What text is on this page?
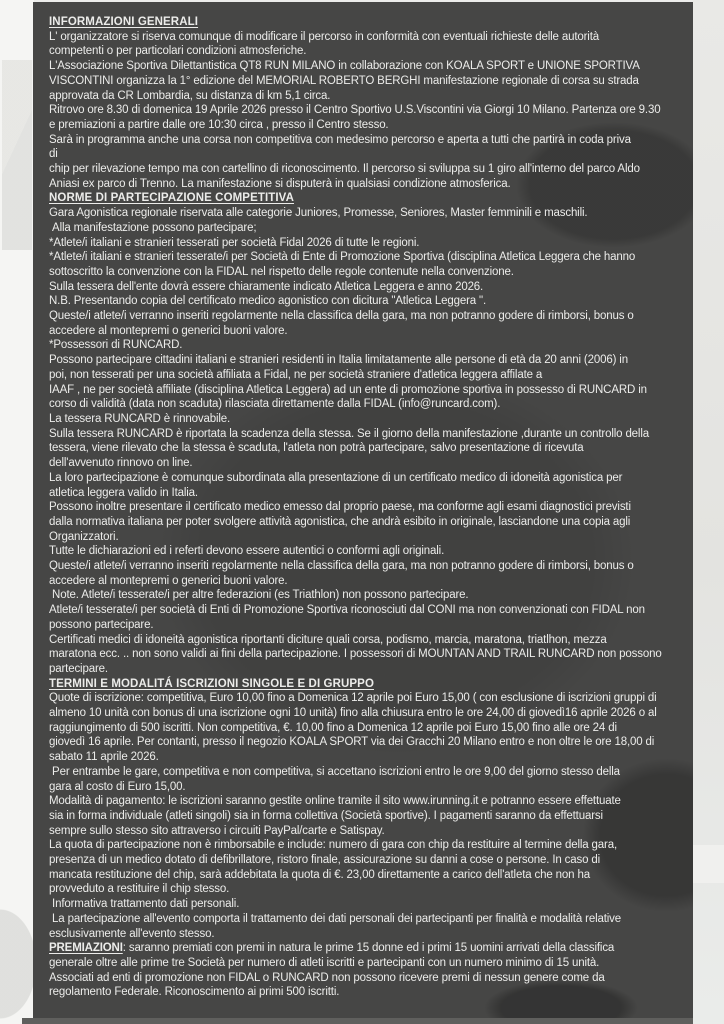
INFORMAZIONI GENERALI
L' organizzatore si riserva comunque di modificare il percorso in conformità con eventuali richieste delle autorità
competenti o per particolari condizioni atmosferiche.
L'Associazione Sportiva Dilettantistica QT8 RUN MILANO in collaborazione con KOALA SPORT e UNIONE SPORTIVA
VISCONTINI organizza la 1° edizione del MEMORIAL ROBERTO BERGHI manifestazione regionale di corsa su strada
approvata da CR Lombardia, su distanza di km 5,1 circa.
Ritrovo ore 8.30 di domenica 19 Aprile 2026 presso il Centro Sportivo U.S.Viscontini via Giorgi 10 Milano. Partenza ore 9.30
e premiazioni a partire dalle ore 10:30 circa , presso il Centro stesso.
Sarà in programma anche una corsa non competitiva con medesimo percorso e aperta a tutti che partirà in coda priva
di
chip per rilevazione tempo ma con cartellino di riconoscimento. Il percorso si sviluppa su 1 giro all'interno del parco Aldo
Aniasi ex parco di Trenno. La manifestazione si disputerà in qualsiasi condizione atmosferica.
NORME DI PARTECIPAZIONE COMPETITIVA
Gara Agonistica regionale riservata alle categorie Juniores, Promesse, Seniores, Master femminili e maschili.
Alla manifestazione possono partecipare;
*Atlete/i italiani e stranieri tesserati per società Fidal 2026 di tutte le regioni.
*Atlete/i italiani e stranieri tesserate/i per Società di Ente di Promozione Sportiva (disciplina Atletica Leggera che hanno
sottoscritto la convenzione con la FIDAL nel rispetto delle regole contenute nella convenzione.
Sulla tessera dell'ente dovrà essere chiaramente indicato Atletica Leggera e anno 2026.
N.B. Presentando copia del certificato medico agonistico con dicitura "Atletica Leggera ".
Queste/i atlete/i verranno inseriti regolarmente nella classifica della gara, ma non potranno godere di rimborsi, bonus o
accedere al montepremi o generici buoni valore.
*Possessori di RUNCARD.
Possono partecipare cittadini italiani e stranieri residenti in Italia limitatamente alle persone di età da 20 anni (2006) in
poi, non tesserati per una società affiliata a Fidal, ne per società straniere d'atletica leggera affilate a
IAAF , ne per società affiliate (disciplina Atletica Leggera) ad un ente di promozione sportiva in possesso di RUNCARD in
corso di validità (data non scaduta) rilasciata direttamente dalla FIDAL (info@runcard.com).
La tessera RUNCARD è rinnovabile.
Sulla tessera RUNCARD è riportata la scadenza della stessa. Se il giorno della manifestazione ,durante un controllo della
tessera, viene rilevato che la stessa è scaduta, l'atleta non potrà partecipare, salvo presentazione di ricevuta
dell'avvenuto rinnovo on line.
La loro partecipazione è comunque subordinata alla presentazione di un certificato medico di idoneità agonistica per
atletica leggera valido in Italia.
Possono inoltre presentare il certificato medico emesso dal proprio paese, ma conforme agli esami diagnostici previsti
dalla normativa italiana per poter svolgere attività agonistica, che andrà esibito in originale, lasciandone una copia agli
Organizzatori.
Tutte le dichiarazioni ed i referti devono essere autentici o conformi agli originali.
Queste/i atlete/i verranno inseriti regolarmente nella classifica della gara, ma non potranno godere di rimborsi, bonus o
accedere al montepremi o generici buoni valore.
Note. Atlete/i tesserate/i per altre federazioni (es Triathlon) non possono partecipare.
Atlete/i tesserate/i per società di Enti di Promozione Sportiva riconosciuti dal CONI ma non convenzionati con FIDAL non
possono partecipare.
Certificati medici di idoneità agonistica riportanti diciture quali corsa, podismo, marcia, maratona, triatlhon, mezza
maratona ecc. .. non sono validi ai fini della partecipazione. I possessori di MOUNTAN AND TRAIL RUNCARD non possono
partecipare.
TERMINI E MODALITÁ ISCRIZIONI SINGOLE E DI GRUPPO
Quote di iscrizione: competitiva, Euro 10,00 fino a Domenica 12 aprile poi Euro 15,00 ( con esclusione di iscrizioni gruppi di
almeno 10 unità con bonus di una iscrizione ogni 10 unità) fino alla chiusura entro le ore 24,00 di giovedì16 aprile 2026 o al
raggiungimento di 500 iscritti. Non competitiva, €. 10,00 fino a Domenica 12 aprile poi Euro 15,00 fino alle ore 24 di
giovedì 16 aprile. Per contanti, presso il negozio KOALA SPORT via dei Gracchi 20 Milano entro e non oltre le ore 18,00 di
sabato 11 aprile 2026.
Per entrambe le gare, competitiva e non competitiva, si accettano iscrizioni entro le ore 9,00 del giorno stesso della
gara al costo di Euro 15,00.
Modalità di pagamento: le iscrizioni saranno gestite online tramite il sito www.irunning.it e potranno essere effettuate
sia in forma individuale (atleti singoli) sia in forma collettiva (Società sportive). I pagamenti saranno da effettuarsi
sempre sullo stesso sito attraverso i circuiti PayPal/carte e Satispay.
La quota di partecipazione non è rimborsabile e include: numero di gara con chip da restituire al termine della gara,
presenza di un medico dotato di defibrillatore, ristoro finale, assicurazione su danni a cose o persone. In caso di
mancata restituzione del chip, sarà addebitata la quota di €. 23,00 direttamente a carico dell'atleta che non ha
provveduto a restituire il chip stesso.
Informativa trattamento dati personali.
La partecipazione all'evento comporta il trattamento dei dati personali dei partecipanti per finalità e modalità relative
esclusivamente all'evento stesso.
PREMIAZIONI: saranno premiati con premi in natura le prime 15 donne ed i primi 15 uomini arrivati della classifica
generale oltre alle prime tre Società per numero di atleti iscritti e partecipanti con un numero minimo di 15 unità.
Associati ad enti di promozione non FIDAL o RUNCARD non possono ricevere premi di nessun genere come da
regolamento Federale. Riconoscimento ai primi 500 iscritti.
